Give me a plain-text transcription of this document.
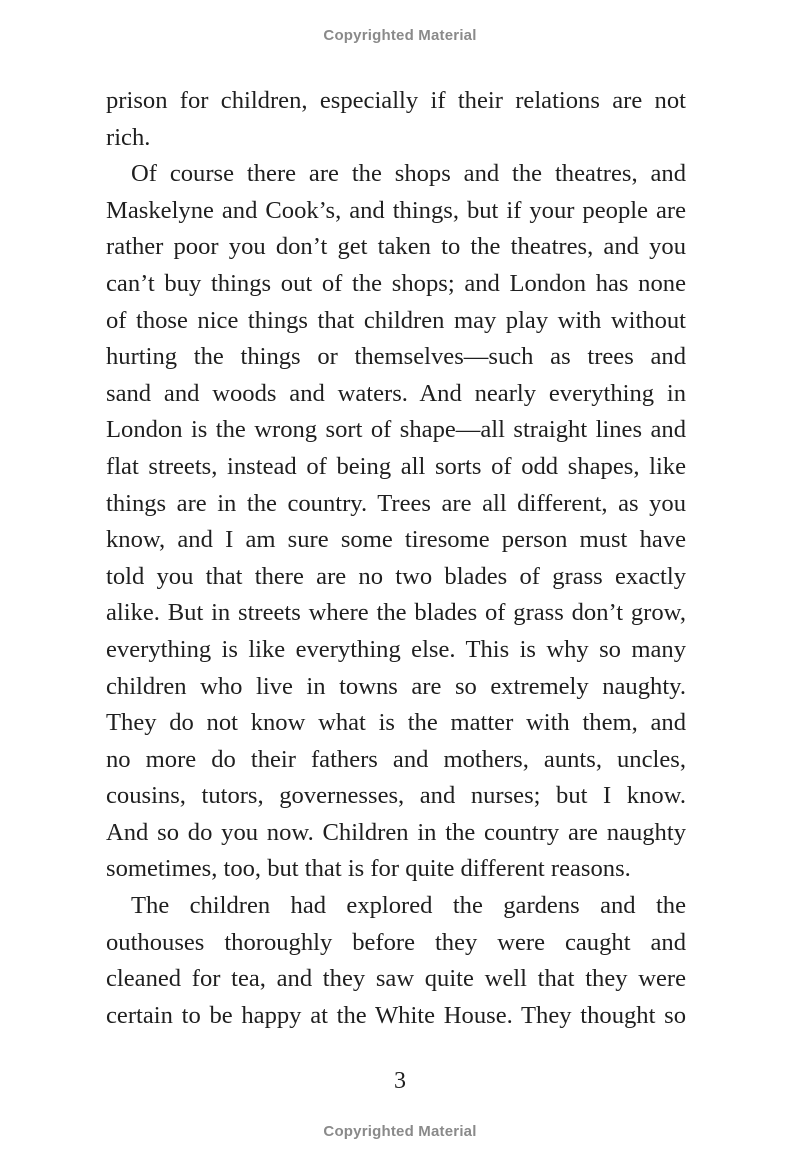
Copyrighted Material
prison for children, especially if their relations are not
rich.
Of course there are the shops and the theatres, and
Maskelyne and Cook’s, and things, but if your people are
rather poor you don’t get taken to the theatres, and you
can’t buy things out of the shops; and London has none
of those nice things that children may play with without
hurting the things or themselves—such as trees and
sand and woods and waters. And nearly everything in
London is the wrong sort of shape—all straight lines and
flat streets, instead of being all sorts of odd shapes, like
things are in the country. Trees are all different, as you
know, and I am sure some tiresome person must have
told you that there are no two blades of grass exactly
alike. But in streets where the blades of grass don’t grow,
everything is like everything else. This is why so many
children who live in towns are so extremely naughty.
They do not know what is the matter with them, and
no more do their fathers and mothers, aunts, uncles,
cousins, tutors, governesses, and nurses; but I know.
And so do you now. Children in the country are naughty
sometimes, too, but that is for quite different reasons.
The children had explored the gardens and the
outhouses thoroughly before they were caught and
cleaned for tea, and they saw quite well that they were
certain to be happy at the White House. They thought so
3
Copyrighted Material
